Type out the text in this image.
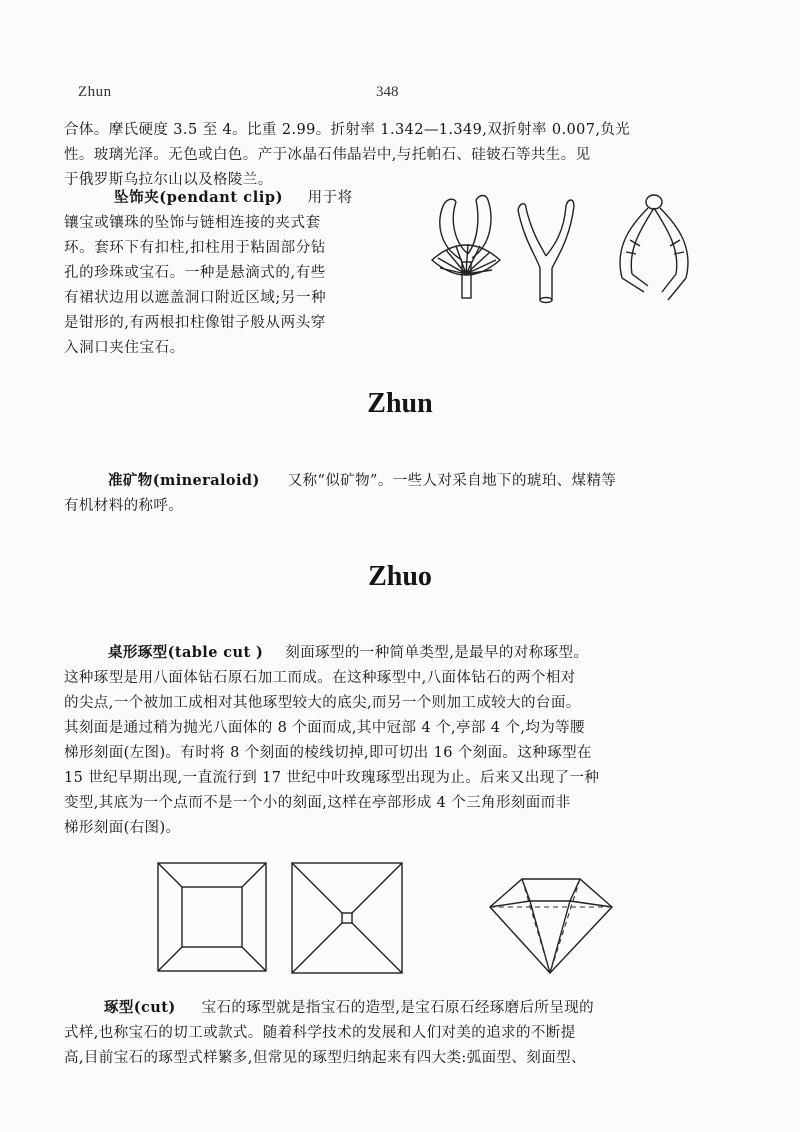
Zhun	348
合体。摩氏硬度 3.5 至 4。比重 2.99。折射率 1.342—1.349,双折射率 0.007,负光
性。玻璃光泽。无色或白色。产于冰晶石伟晶岩中,与托帕石、硅铍石等共生。见
于俄罗斯乌拉尔山以及格陵兰。
坠饰夹(pendant clip) 用于将
镶宝或镶珠的坠饰与链相连接的夹式套
环。套环下有扣柱,扣柱用于粘固部分钻
孔的珍珠或宝石。一种是悬滴式的,有些
有裙状边用以遮盖洞口附近区域;另一种
是钳形的,有两根扣柱像钳子般从两头穿
入洞口夹住宝石。
Zhun
准矿物(mineraloid) 又称“似矿物”。一些人对采自地下的琥珀、煤精等
有机材料的称呼。
Zhuo
桌形琢型(table cut ) 刻面琢型的一种简单类型,是最早的对称琢型。
这种琢型是用八面体钻石原石加工而成。在这种琢型中,八面体钻石的两个相对
的尖点,一个被加工成相对其他琢型较大的底尖,而另一个则加工成较大的台面。
其刻面是通过稍为抛光八面体的 8 个面而成,其中冠部 4 个,亭部 4 个,均为等腰
梯形刻面(左图)。有时将 8 个刻面的棱线切掉,即可切出 16 个刻面。这种琢型在
15 世纪早期出现,一直流行到 17 世纪中叶玫瑰琢型出现为止。后来又出现了一种
变型,其底为一个点而不是一个小的刻面,这样在亭部形成 4 个三角形刻面而非
梯形刻面(右图)。
琢型(cut) 宝石的琢型就是指宝石的造型,是宝石原石经琢磨后所呈现的
式样,也称宝石的切工或款式。随着科学技术的发展和人们对美的追求的不断提
高,目前宝石的琢型式样繁多,但常见的琢型归纳起来有四大类:弧面型、刻面型、
